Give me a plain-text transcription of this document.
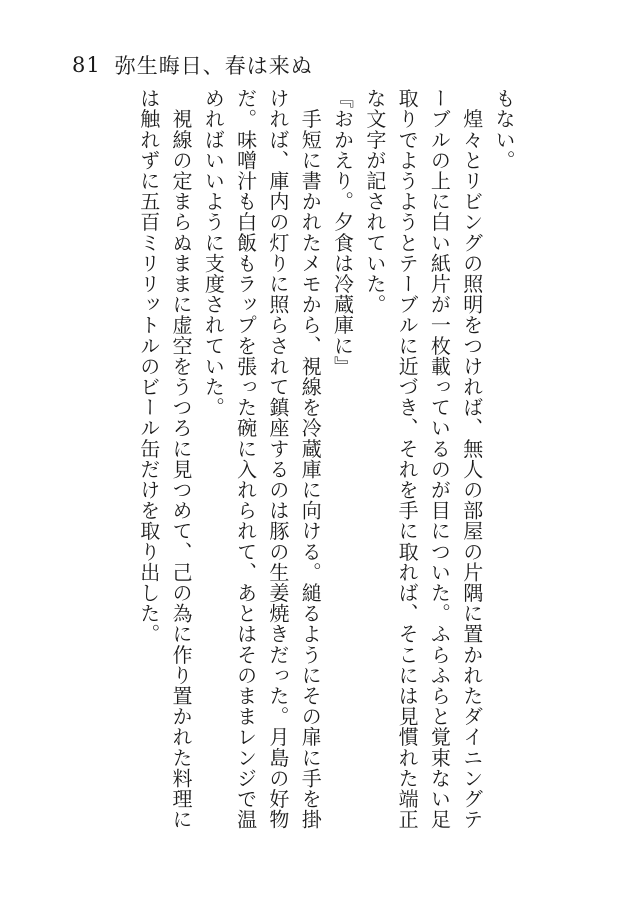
81 弥生晦日、春は来ぬ
もない。
　煌々とリビングの照明をつければ、無人の部屋の片隅に置かれたダイニングテ
ーブルの上に白い紙片が一枚載っているのが目についた。ふらふらと覚束ない足
取りでようようとテーブルに近づき、それを手に取れば、そこには見慣れた端正
な文字が記されていた。
『おかえり。夕食は冷蔵庫に』
　手短に書かれたメモから、視線を冷蔵庫に向ける。縋るようにその扉に手を掛
ければ、庫内の灯りに照らされて鎮座するのは豚の生姜焼きだった。月島の好物
だ。味噌汁も白飯もラップを張った碗に入れられて、あとはそのままレンジで温
めればいいように支度されていた。
　視線の定まらぬままに虚空をうつろに見つめて、己の為に作り置かれた料理に
は触れずに五百ミリリットルのビール缶だけを取り出した。
